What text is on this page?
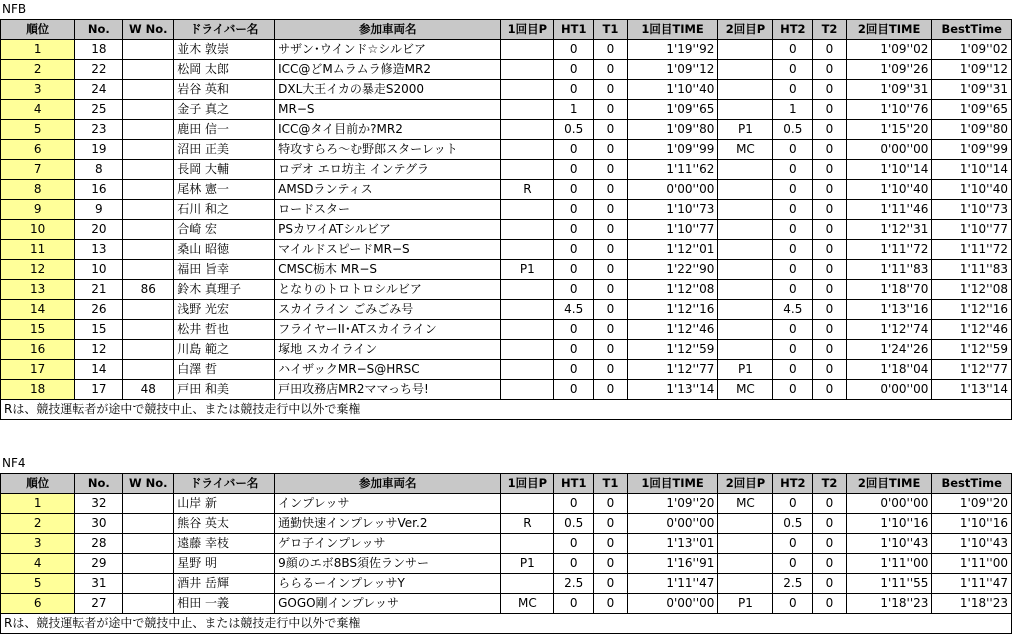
NFB
順位	No.	W No.	ドライバー名	参加車両名	1回目P	HT1	T1	1回目TIME	2回目P	HT2	T2	2回目TIME	BestTime
1	18		並木 敦崇	サザン･ウインド☆シルビア		0	0	1'19''92		0	0	1'09''02	1'09''02
2	22		松岡 太郎	ICC@どMムラムラ修造MR2		0	0	1'09''12		0	0	1'09''26	1'09''12
3	24		岩谷 英和	DXL大王イカの暴走S2000		0	0	1'10''40		0	0	1'09''31	1'09''31
4	25		金子 真之	MR−S		1	0	1'09''65		1	0	1'10''76	1'09''65
5	23		鹿田 信一	ICC@タイ目前か?MR2		0.5	0	1'09''80	P1	0.5	0	1'15''20	1'09''80
6	19		沼田 正美	特攻すらろ〜む野郎スターレット		0	0	1'09''99	MC	0	0	0'00''00	1'09''99
7	8		長岡 大輔	ロデオ エロ坊主 インテグラ		0	0	1'11''62		0	0	1'10''14	1'10''14
8	16		尾林 憲一	AMSDランティス	R	0	0	0'00''00		0	0	1'10''40	1'10''40
9	9		石川 和之	ロードスター		0	0	1'10''73		0	0	1'11''46	1'10''73
10	20		合崎 宏	PSカワイATシルビア		0	0	1'10''77		0	0	1'12''31	1'10''77
11	13		桑山 昭徳	マイルドスピードMR−S		0	0	1'12''01		0	0	1'11''72	1'11''72
12	10		福田 旨幸	CMSC栃木 MR−S	P1	0	0	1'22''90		0	0	1'11''83	1'11''83
13	21	86	鈴木 真理子	となりのトロトロシルビア		0	0	1'12''08		0	0	1'18''70	1'12''08
14	26		浅野 光宏	スカイライン ごみごみ号		4.5	0	1'12''16		4.5	0	1'13''16	1'12''16
15	15		松井 哲也	フライヤーII･ATスカイライン		0	0	1'12''46		0	0	1'12''74	1'12''46
16	12		川島 範之	塚地 スカイライン		0	0	1'12''59		0	0	1'24''26	1'12''59
17	14		白澤 哲	ハイザックMR−S@HRSC		0	0	1'12''77	P1	0	0	1'18''04	1'12''77
18	17	48	戸田 和美	戸田攻務店MR2ママっち号!		0	0	1'13''14	MC	0	0	0'00''00	1'13''14
Rは、競技運転者が途中で競技中止、または競技走行中以外で棄権													
NF4
順位	No.	W No.	ドライバー名	参加車両名	1回目P	HT1	T1	1回目TIME	2回目P	HT2	T2	2回目TIME	BestTime
1	32		山岸 新	インプレッサ		0	0	1'09''20	MC	0	0	0'00''00	1'09''20
2	30		熊谷 英太	通勤快速インプレッサVer.2	R	0.5	0	0'00''00		0.5	0	1'10''16	1'10''16
3	28		遠藤 幸枝	ゲロ子インプレッサ		0	0	1'13''01		0	0	1'10''43	1'10''43
4	29		星野 明	9顔のエボ8BS須佐ランサー	P1	0	0	1'16''91		0	0	1'11''00	1'11''00
5	31		酒井 岳輝	ららるーインプレッサY		2.5	0	1'11''47		2.5	0	1'11''55	1'11''47
6	27		相田 一義	GOGO剛インプレッサ	MC	0	0	0'00''00	P1	0	0	1'18''23	1'18''23
Rは、競技運転者が途中で競技中止、または競技走行中以外で棄権													
